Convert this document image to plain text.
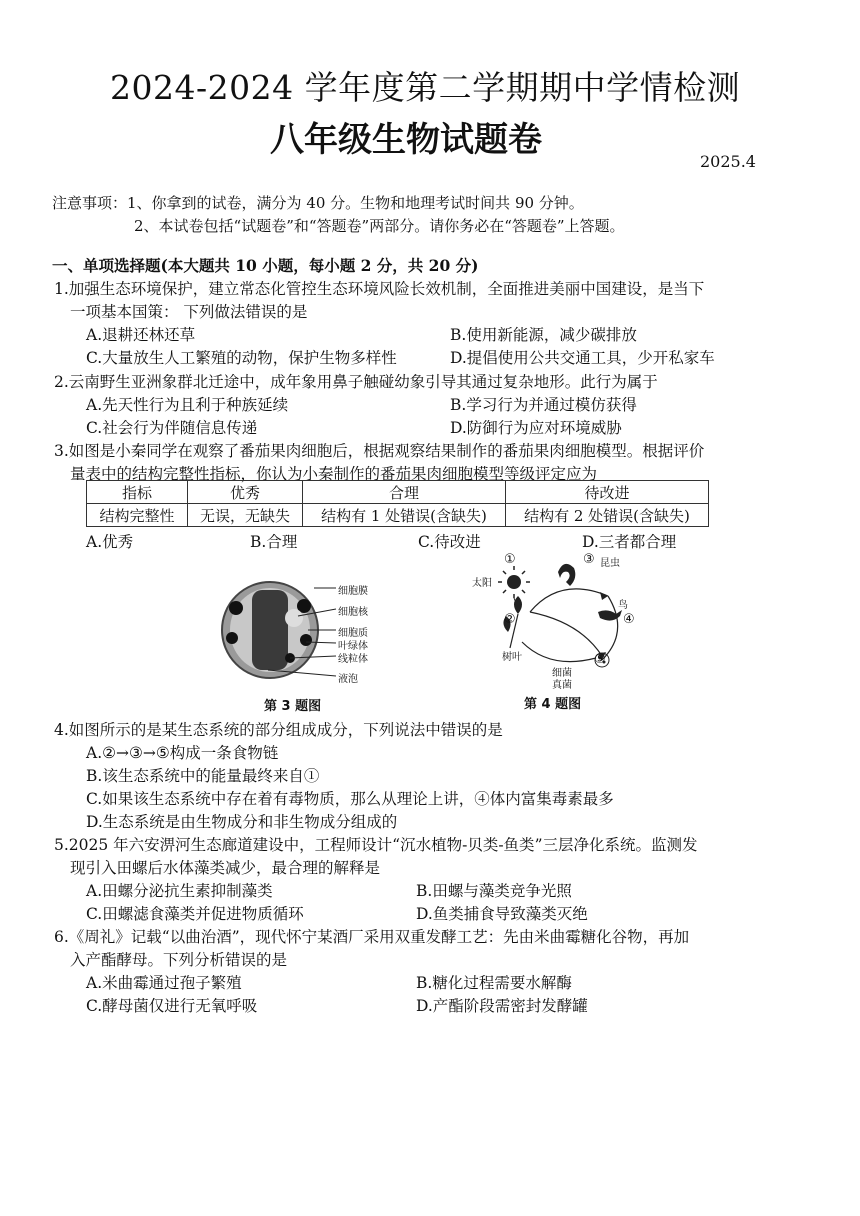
2024-2024 学年度第二学期期中学情检测
八年级生物试题卷
2025.4
注意事项：1、你拿到的试卷，满分为 40 分。生物和地理考试时间共 90 分钟。
2、本试卷包括“试题卷”和“答题卷”两部分。请你务必在“答题卷”上答题。
一、单项选择题(本大题共 10 小题，每小题 2 分，共 20 分)
1.加强生态环境保护，建立常态化管控生态环境风险长效机制，全面推进美丽中国建设，是当下
一项基本国策： 下列做法错误的是
A.退耕还林还草	B.使用新能源，减少碳排放
C.大量放生人工繁殖的动物，保护生物多样性	D.提倡使用公共交通工具，少开私家车
2.云南野生亚洲象群北迁途中，成年象用鼻子触碰幼象引导其通过复杂地形。此行为属于
A.先天性行为且利于种族延续	B.学习行为并通过模仿获得
C.社会行为伴随信息传递	D.防御行为应对环境威胁
3.如图是小秦同学在观察了番茄果肉细胞后，根据观察结果制作的番茄果肉细胞模型。根据评价
量表中的结构完整性指标，你认为小秦制作的番茄果肉细胞模型等级评定应为
指标	优秀	合理	待改进
结构完整性	无误，无缺失	结构有 1 处错误(含缺失)	结构有 2 处错误(含缺失)
A.优秀	B.合理	C.待改进	D.三者都合理
细胞膜
细胞核
细胞质
叶绿体
线粒体
液泡
第 3 题图
①
太阳
③ 昆虫
鸟
④
②
树叶	⑤
细菌
真菌
第 4 题图
4.如图所示的是某生态系统的部分组成成分，下列说法中错误的是
A.②→③→⑤构成一条食物链
B.该生态系统中的能量最终来自①
C.如果该生态系统中存在着有毒物质，那么从理论上讲，④体内富集毒素最多
D.生态系统是由生物成分和非生物成分组成的
5.2025 年六安淠河生态廊道建设中，工程师设计“沉水植物-贝类-鱼类”三层净化系统。监测发
现引入田螺后水体藻类减少，最合理的解释是
A.田螺分泌抗生素抑制藻类	B.田螺与藻类竞争光照
C.田螺滤食藻类并促进物质循环	D.鱼类捕食导致藻类灭绝
6.《周礼》记载“以曲治酒”，现代怀宁某酒厂采用双重发酵工艺：先由米曲霉糖化谷物，再加
入产酯酵母。下列分析错误的是
A.米曲霉通过孢子繁殖	B.糖化过程需要水解酶
C.酵母菌仅进行无氧呼吸	D.产酯阶段需密封发酵罐
